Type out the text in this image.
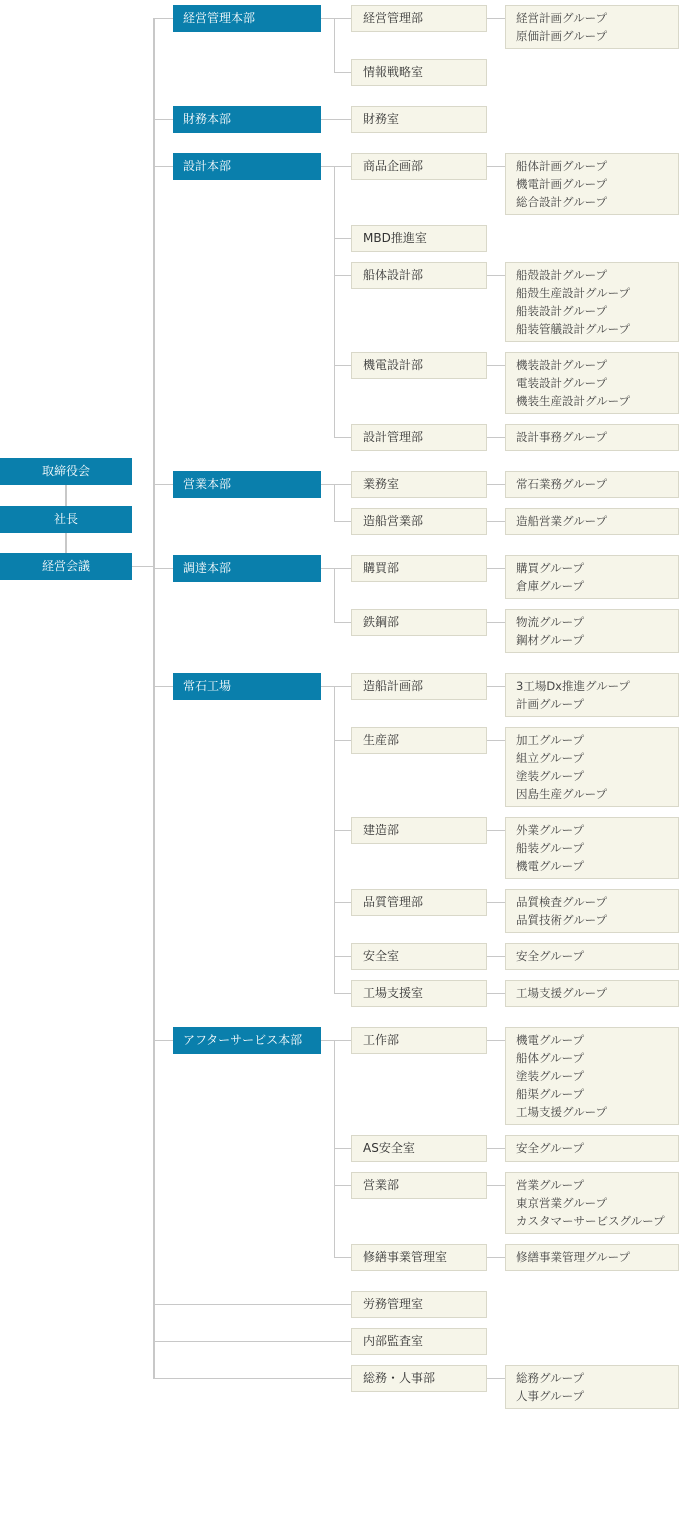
経営管理本部	経営管理部	経営計画グループ
原価計画グループ
情報戦略室
財務本部	財務室
設計本部	商品企画部	船体計画グループ
機電計画グループ
総合設計グループ
MBD推進室
船体設計部	船殻設計グループ
船殻生産設計グループ
船装設計グループ
船装管艤設計グループ
機電設計部	機装設計グループ
電装設計グループ
機装生産設計グループ
設計管理部	設計事務グループ
営業本部	業務室	常石業務グループ
造船営業部	造船営業グループ
調達本部	購買部	購買グループ
倉庫グループ
鉄鋼部	物流グループ
鋼材グループ
常石工場	造船計画部	3工場Dx推進グループ
計画グループ
生産部	加工グループ
組立グループ
塗装グループ
因島生産グループ
建造部	外業グループ
船装グループ
機電グループ
品質管理部	品質検査グループ
品質技術グループ
安全室	安全グループ
工場支援室	工場支援グループ
アフターサービス本部	工作部	機電グループ
船体グループ
塗装グループ
船渠グループ
工場支援グループ
AS安全室	安全グループ
営業部	営業グループ
東京営業グループ
カスタマーサービスグループ
修繕事業管理室	修繕事業管理グループ
労務管理室
内部監査室
総務・人事部	総務グループ
人事グループ
取締役会
社長
経営会議
